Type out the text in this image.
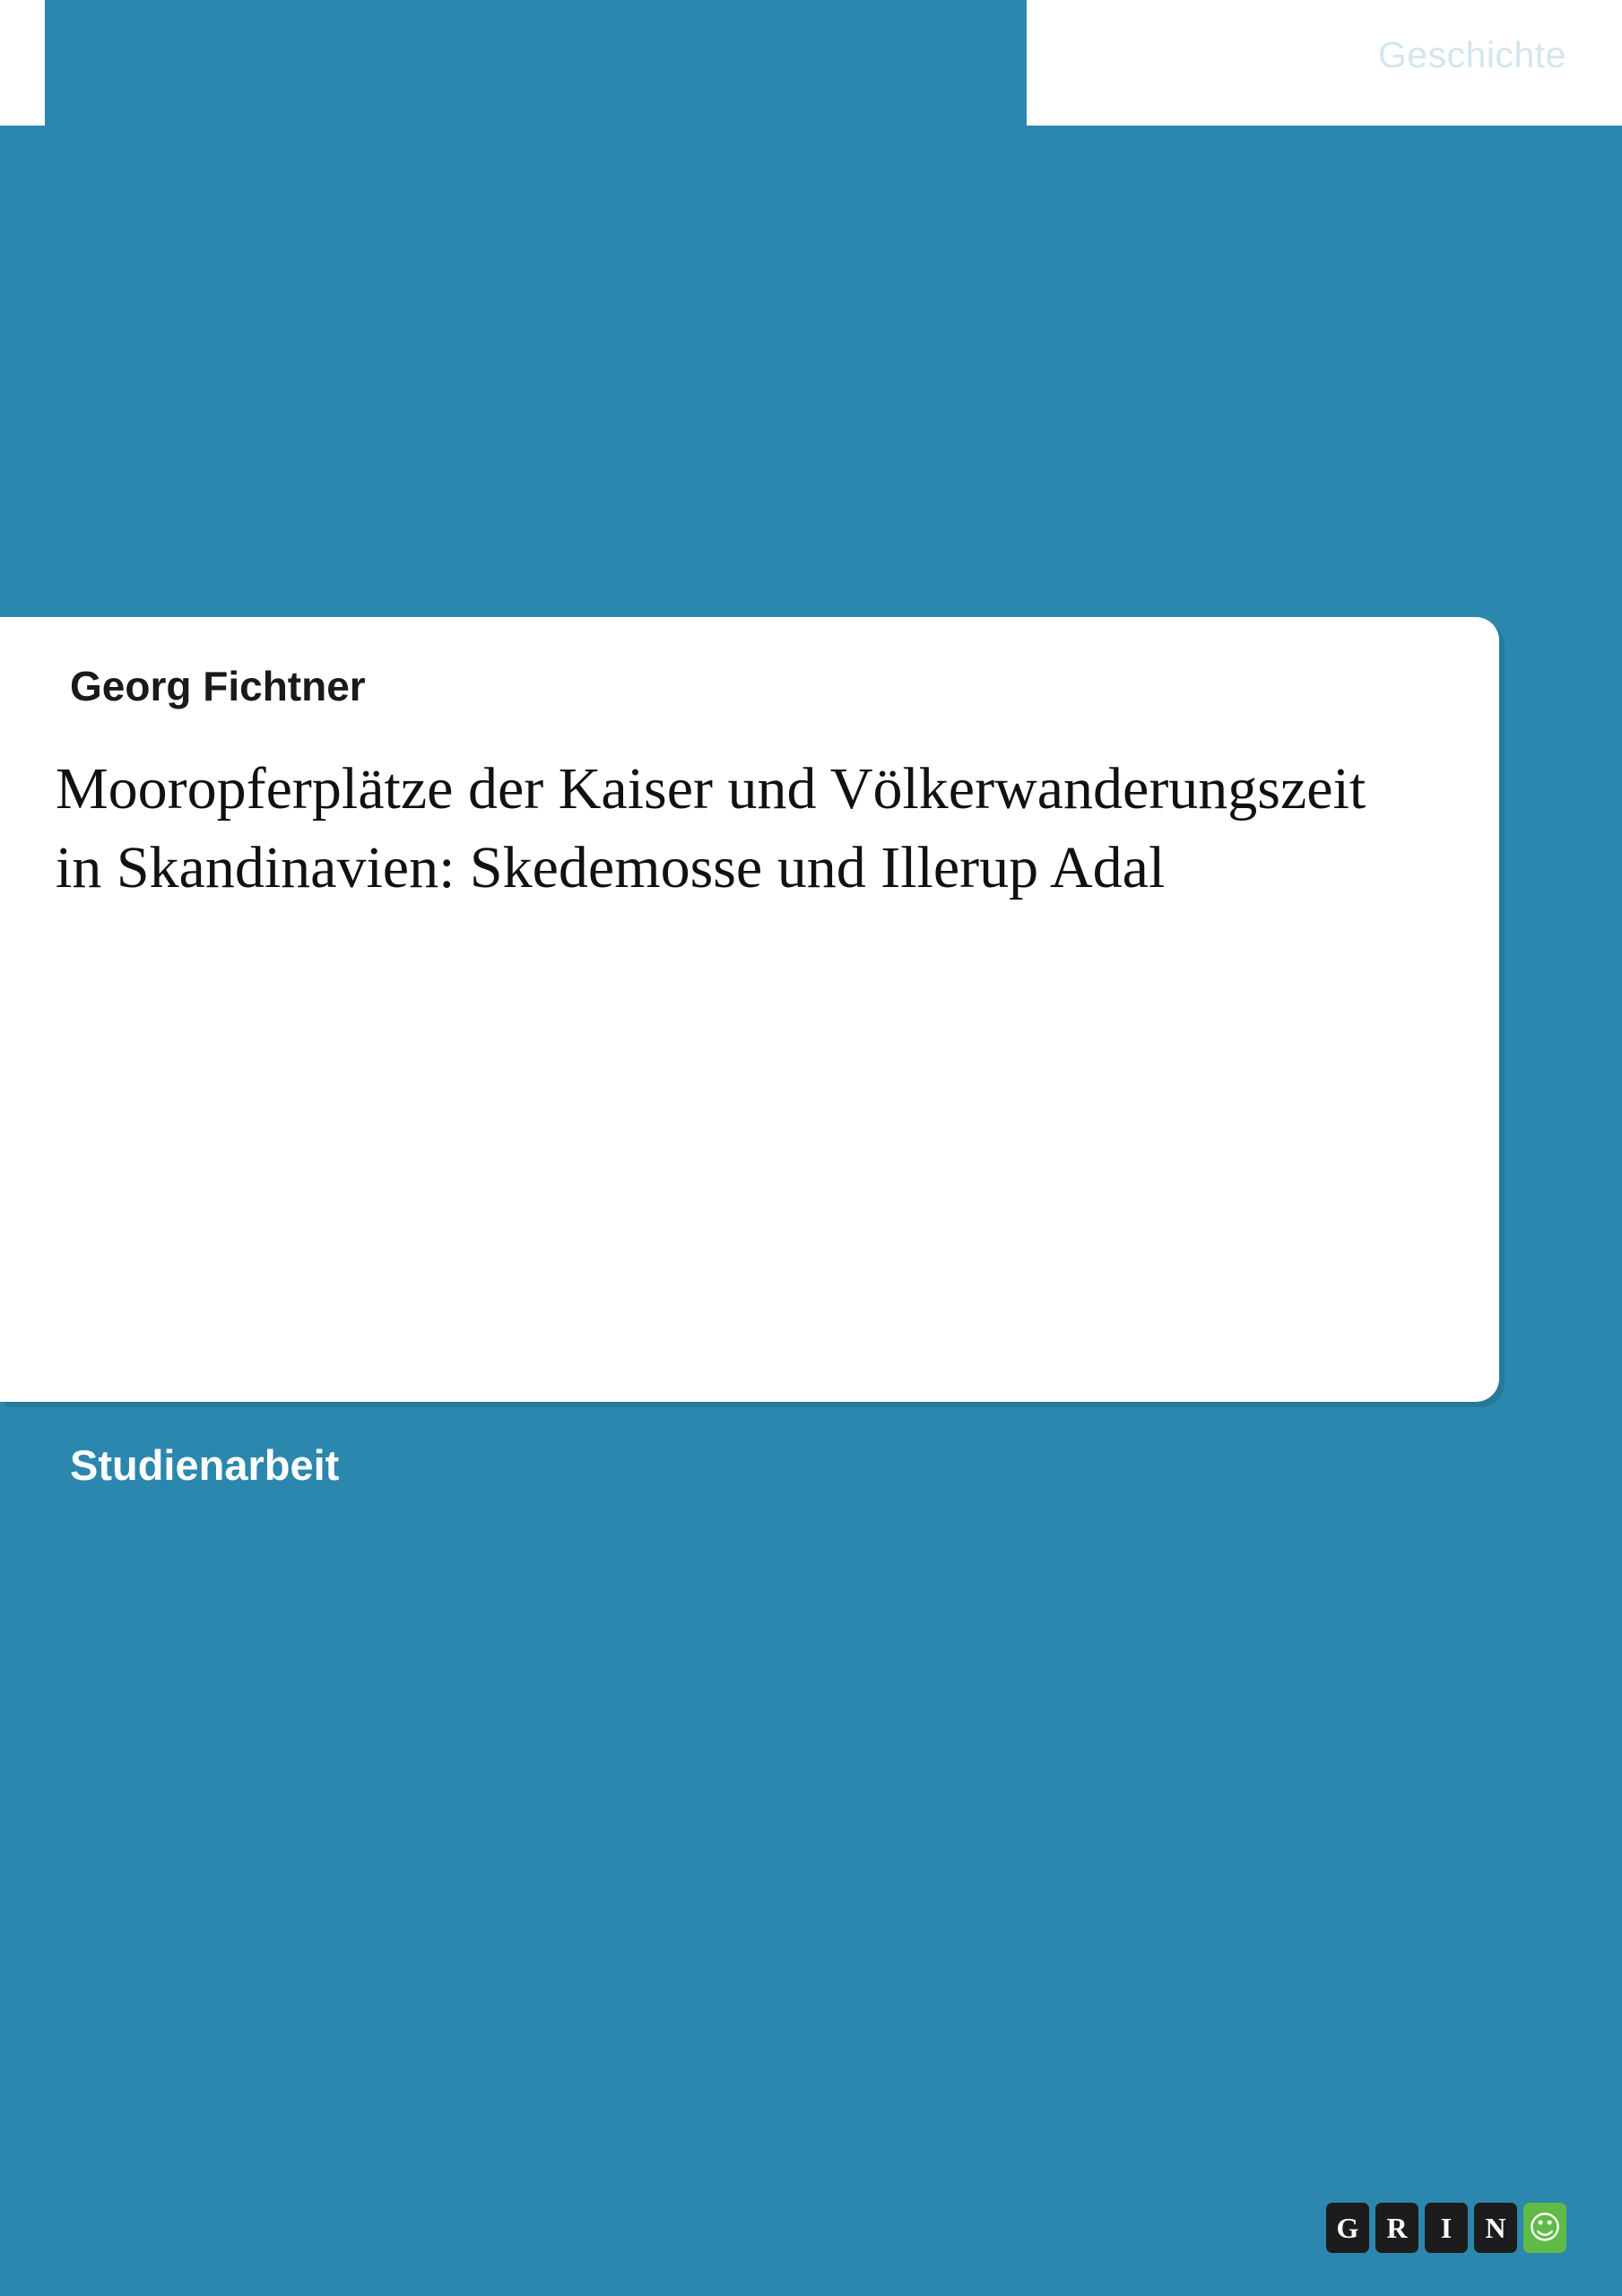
Geschichte
Georg Fichtner
Mooropferplätze der Kaiser und Völkerwanderungszeit in Skandinavien: Skedemosse und Illerup Adal
Studienarbeit
G R	I	N ☺
